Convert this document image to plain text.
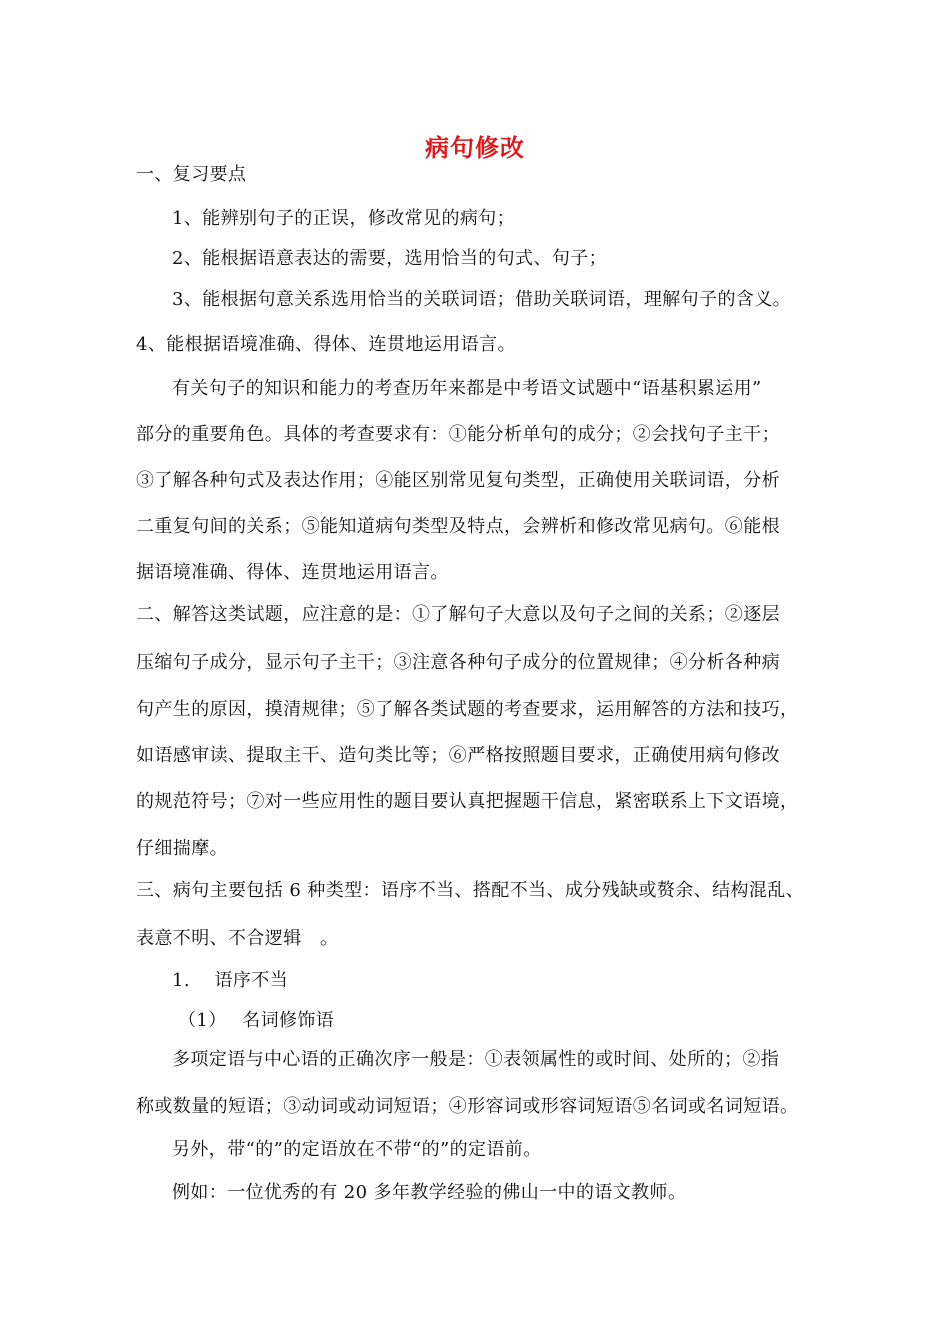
病句修改
一、复习要点
1、能辨别句子的正误，修改常见的病句；
2、能根据语意表达的需要，选用恰当的句式、句子；
3、能根据句意关系选用恰当的关联词语；借助关联词语，理解句子的含义。
4、能根据语境准确、得体、连贯地运用语言。
有关句子的知识和能力的考查历年来都是中考语文试题中“语基积累运用”
部分的重要角色。具体的考查要求有：①能分析单句的成分；②会找句子主干；
③了解各种句式及表达作用；④能区别常见复句类型，正确使用关联词语，分析
二重复句间的关系；⑤能知道病句类型及特点，会辨析和修改常见病句。⑥能根
据语境准确、得体、连贯地运用语言。
二、解答这类试题，应注意的是：①了解句子大意以及句子之间的关系；②逐层
压缩句子成分，显示句子主干；③注意各种句子成分的位置规律；④分析各种病
句产生的原因，摸清规律；⑤了解各类试题的考查要求，运用解答的方法和技巧，
如语感审读、提取主干、造句类比等；⑥严格按照题目要求，正确使用病句修改
的规范符号；⑦对一些应用性的题目要认真把握题干信息，紧密联系上下文语境，
仔细揣摩。
三、病句主要包括 6 种类型：语序不当、搭配不当、成分残缺或赘余、结构混乱、
表意不明、不合逻辑　。
1.　 语序不当
（1）　 名词修饰语
多项定语与中心语的正确次序一般是：①表领属性的或时间、处所的；②指
称或数量的短语；③动词或动词短语；④形容词或形容词短语⑤名词或名词短语。
另外，带“的”的定语放在不带“的”的定语前。
例如：一位优秀的有 20 多年教学经验的佛山一中的语文教师。
